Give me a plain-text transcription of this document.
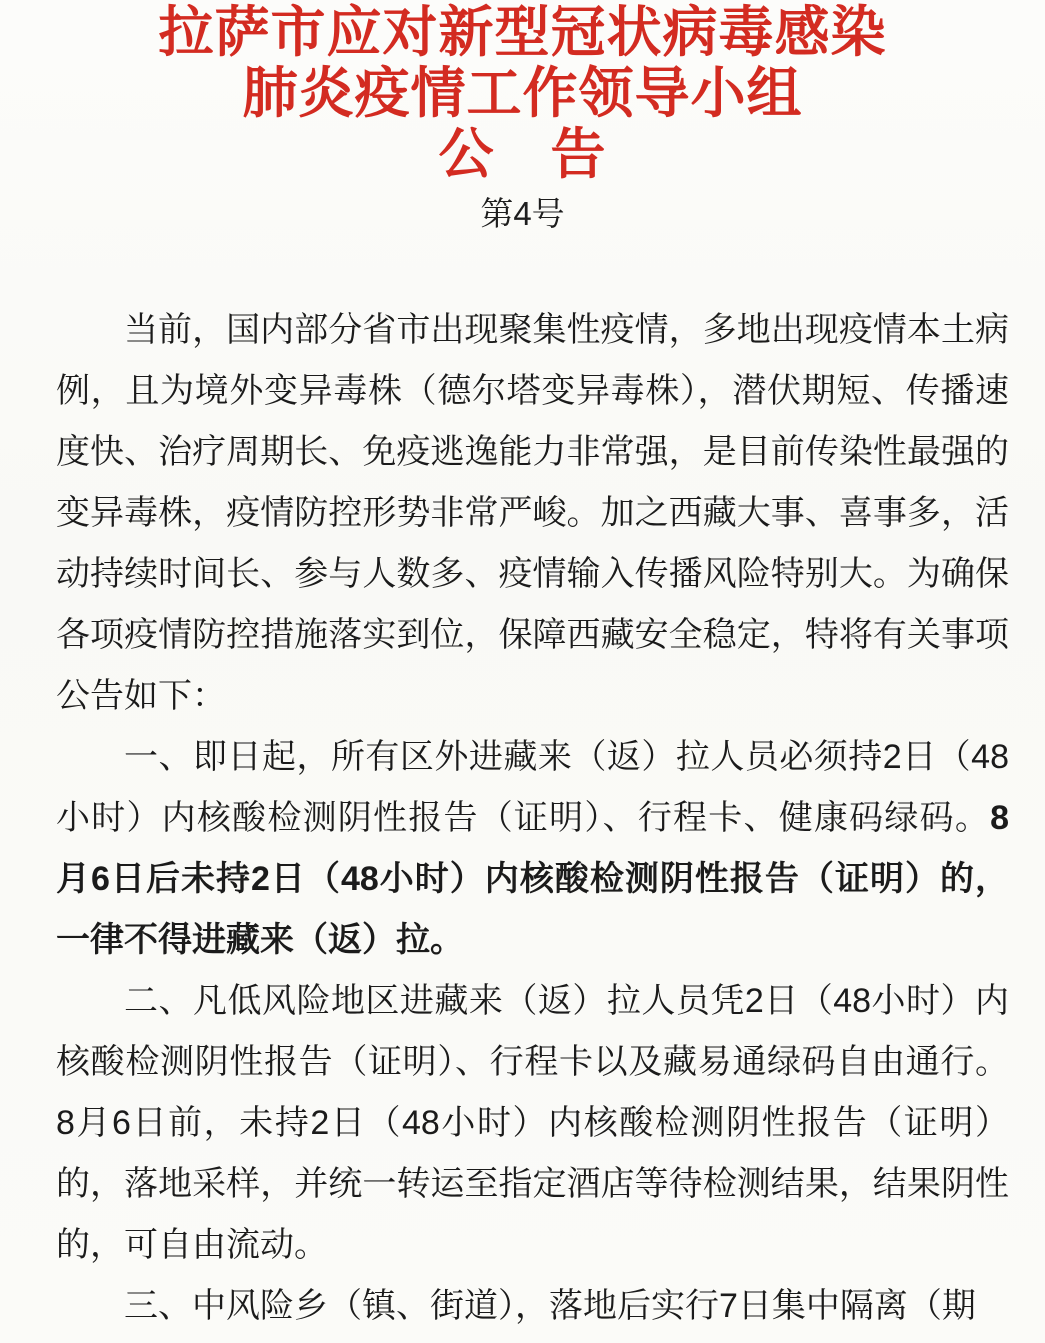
拉萨市应对新型冠状病毒感染
肺炎疫情工作领导小组
公　告
第4号

当前，国内部分省市出现聚集性疫情，多地出现疫情本土病例，且为境外变异毒株（德尔塔变异毒株），潜伏期短、传播速度快、治疗周期长、免疫逃逸能力非常强，是目前传染性最强的变异毒株，疫情防控形势非常严峻。加之西藏大事、喜事多，活动持续时间长、参与人数多、疫情输入传播风险特别大。为确保各项疫情防控措施落实到位，保障西藏安全稳定，特将有关事项公告如下：

一、即日起，所有区外进藏来（返）拉人员必须持2日（48小时）内核酸检测阴性报告（证明）、行程卡、健康码绿码。8月6日后未持2日（48小时）内核酸检测阴性报告（证明）的，一律不得进藏来（返）拉。

二、凡低风险地区进藏来（返）拉人员凭2日（48小时）内核酸检测阴性报告（证明）、行程卡以及藏易通绿码自由通行。8月6日前，未持2日（48小时）内核酸检测阴性报告（证明）的，落地采样，并统一转运至指定酒店等待检测结果，结果阴性的，可自由流动。

三、中风险乡（镇、街道），落地后实行7日集中隔离（期
